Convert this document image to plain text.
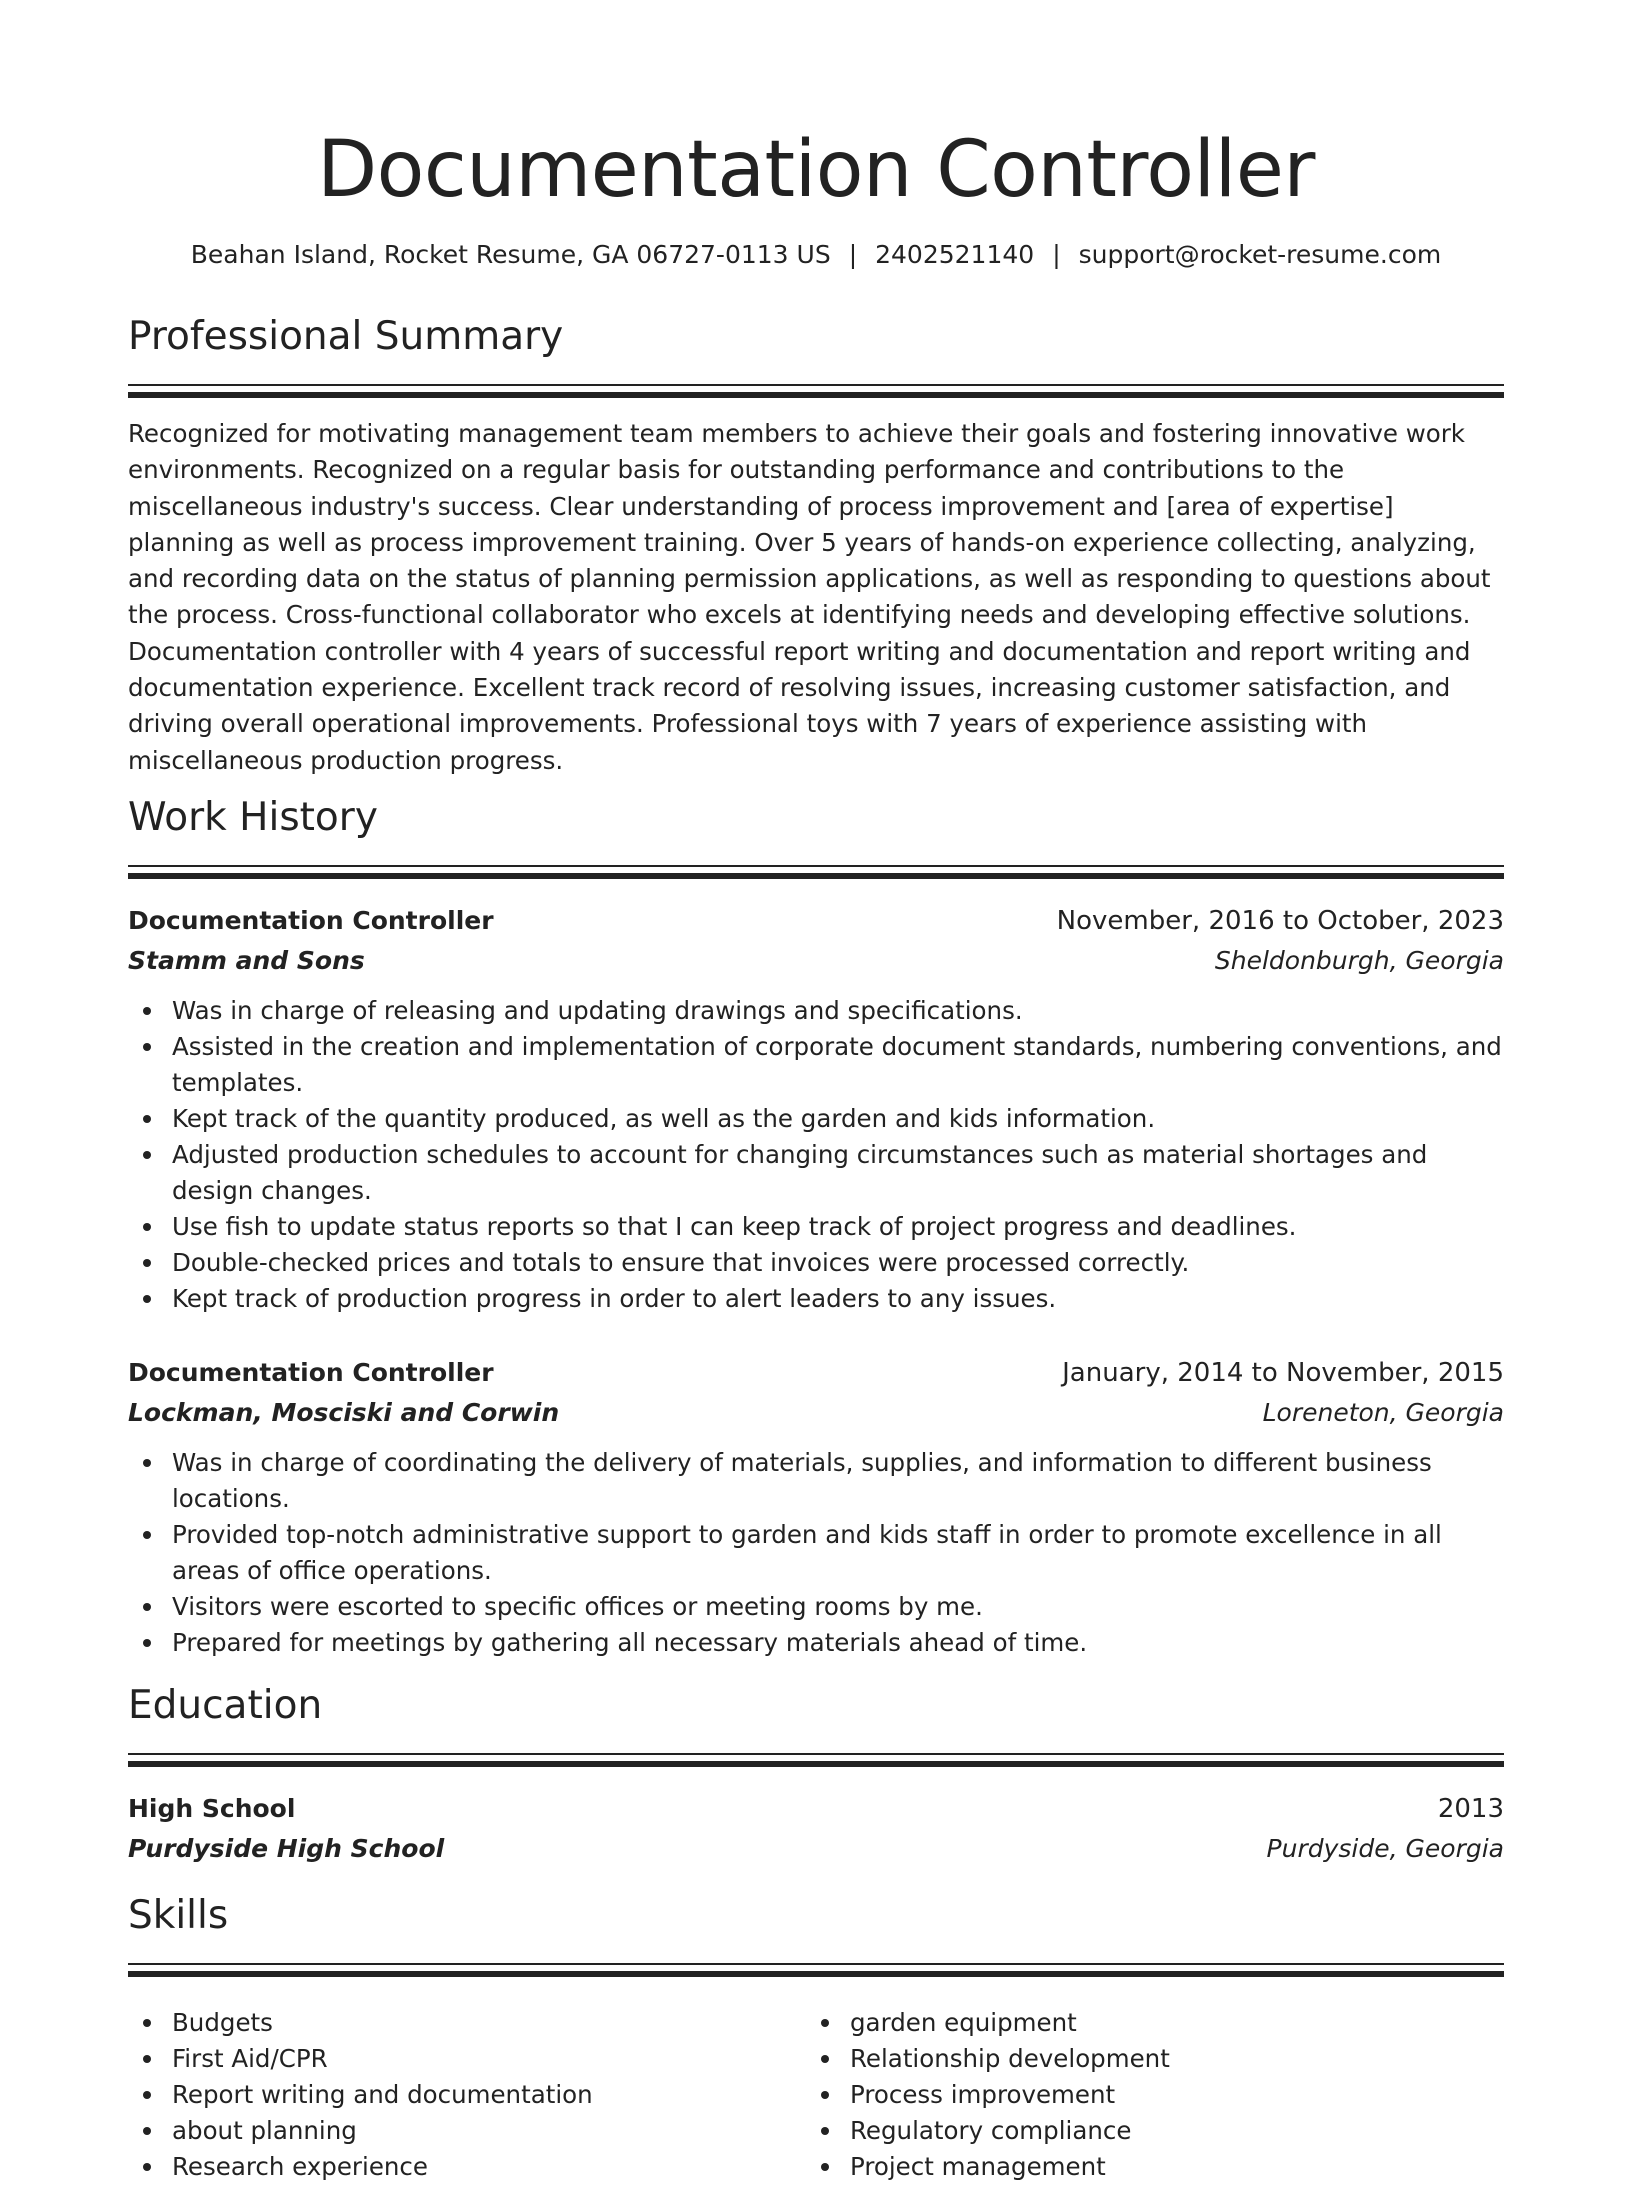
Documentation Controller
Beahan Island, Rocket Resume, GA 06727-0113 US | 2402521140 | support@rocket-resume.com
Professional Summary
Recognized for motivating management team members to achieve their goals and fostering innovative work environments. Recognized on a regular basis for outstanding performance and contributions to the miscellaneous industry's success. Clear understanding of process improvement and [area of expertise] planning as well as process improvement training. Over 5 years of hands-on experience collecting, analyzing, and recording data on the status of planning permission applications, as well as responding to questions about the process. Cross-functional collaborator who excels at identifying needs and developing effective solutions. Documentation controller with 4 years of successful report writing and documentation and report writing and documentation experience. Excellent track record of resolving issues, increasing customer satisfaction, and driving overall operational improvements. Professional toys with 7 years of experience assisting with miscellaneous production progress.
Work History
Documentation Controller	November, 2016 to October, 2023
Stamm and Sons	Sheldonburgh, Georgia
Was in charge of releasing and updating drawings and specifications.
Assisted in the creation and implementation of corporate document standards, numbering conventions, and templates.
Kept track of the quantity produced, as well as the garden and kids information.
Adjusted production schedules to account for changing circumstances such as material shortages and design changes.
Use fish to update status reports so that I can keep track of project progress and deadlines.
Double-checked prices and totals to ensure that invoices were processed correctly.
Kept track of production progress in order to alert leaders to any issues.
Documentation Controller	January, 2014 to November, 2015
Lockman, Mosciski and Corwin	Loreneton, Georgia
Was in charge of coordinating the delivery of materials, supplies, and information to different business locations.
Provided top-notch administrative support to garden and kids staff in order to promote excellence in all areas of office operations.
Visitors were escorted to specific offices or meeting rooms by me.
Prepared for meetings by gathering all necessary materials ahead of time.
Education
High School	2013
Purdyside High School	Purdyside, Georgia
Skills
Budgets
First Aid/CPR
Report writing and documentation
about planning
Research experience
garden equipment
Relationship development
Process improvement
Regulatory compliance
Project management
